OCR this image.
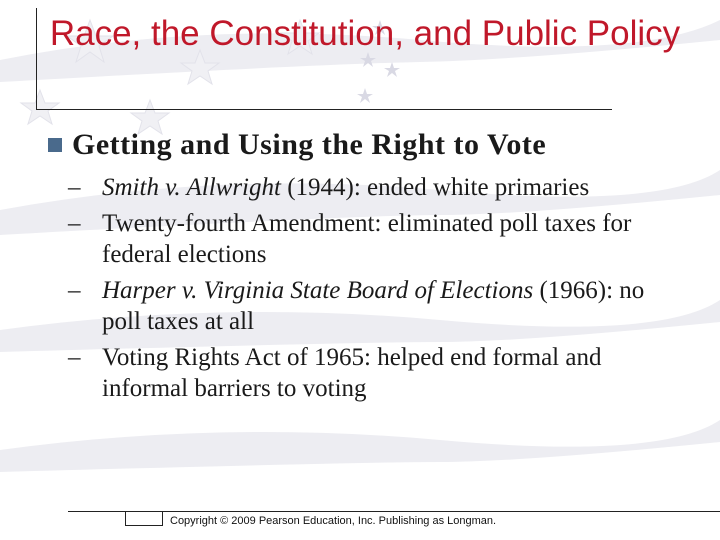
Race, the Constitution, and Public Policy
Getting and Using the Right to Vote
– Smith v. Allwright (1944): ended white primaries
– Twenty-fourth Amendment: eliminated poll taxes for federal elections
– Harper v. Virginia State Board of Elections (1966): no poll taxes at all
– Voting Rights Act of 1965: helped end formal and informal barriers to voting
Copyright © 2009 Pearson Education, Inc. Publishing as Longman.
